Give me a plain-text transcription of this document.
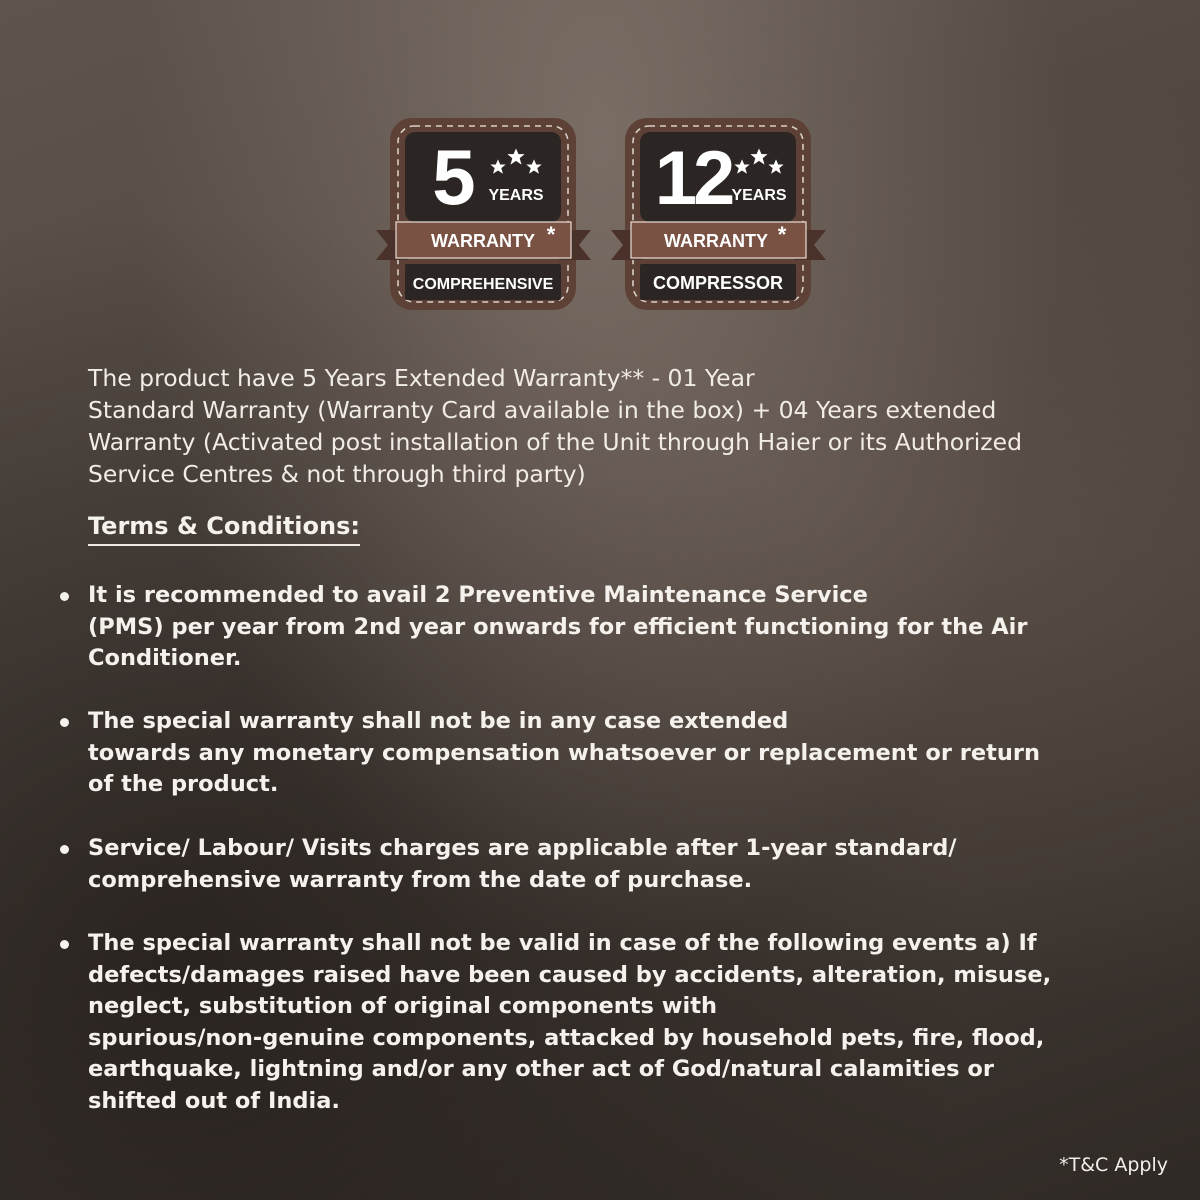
5 YEARS
WARRANTY *
COMPREHENSIVE
12 YEARS
WARRANTY *
COMPRESSOR
The product have 5 Years Extended Warranty** - 01 Year
Standard Warranty (Warranty Card available in the box) + 04 Years extended
Warranty (Activated post installation of the Unit through Haier or its Authorized
Service Centres & not through third party)
Terms & Conditions:
It is recommended to avail 2 Preventive Maintenance Service
(PMS) per year from 2nd year onwards for efficient functioning for the Air
Conditioner.
The special warranty shall not be in any case extended
towards any monetary compensation whatsoever or replacement or return
of the product.
Service/ Labour/ Visits charges are applicable after 1-year standard/
comprehensive warranty from the date of purchase.
The special warranty shall not be valid in case of the following events a) If
defects/damages raised have been caused by accidents, alteration, misuse,
neglect, substitution of original components with
spurious/non-genuine components, attacked by household pets, fire, flood,
earthquake, lightning and/or any other act of God/natural calamities or
shifted out of India.
*T&C Apply
